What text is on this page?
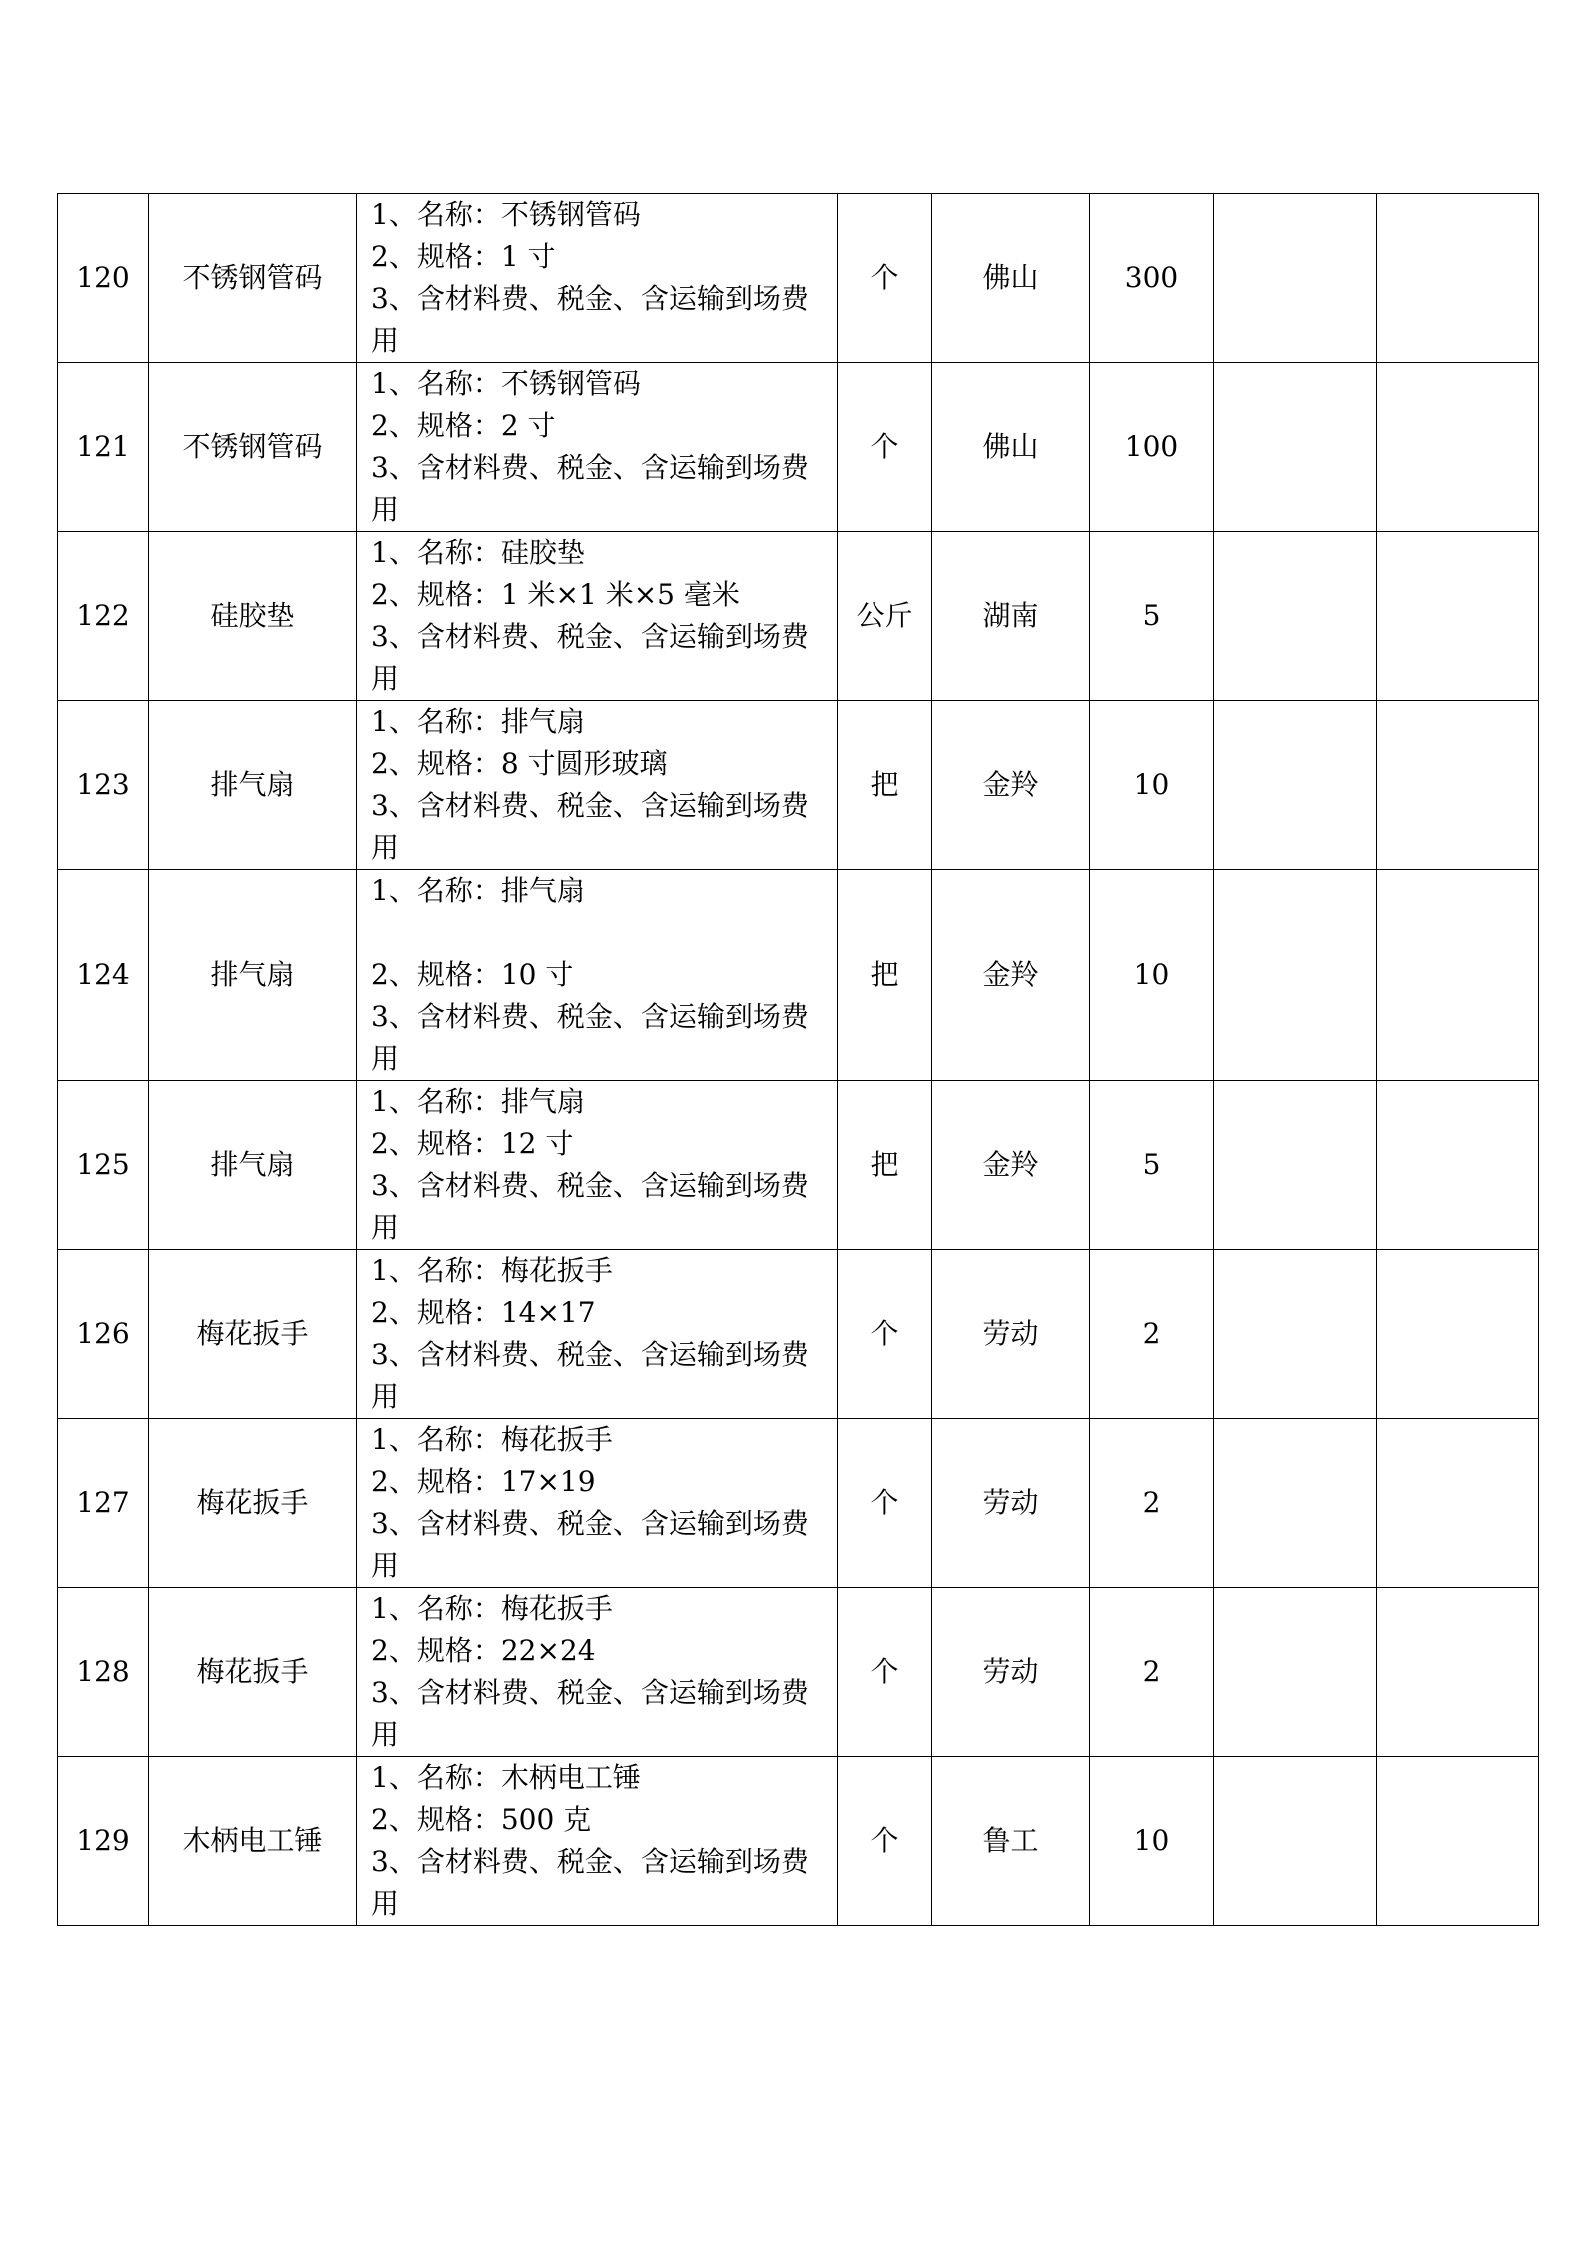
120	不锈钢管码	1、名称：不锈钢管码
2、规格：1 寸
3、含材料费、税金、含运输到场费
用	个	佛山	300		
121	不锈钢管码	1、名称：不锈钢管码
2、规格：2 寸
3、含材料费、税金、含运输到场费
用	个	佛山	100		
122	硅胶垫	1、名称：硅胶垫
2、规格：1 米×1 米×5 毫米
3、含材料费、税金、含运输到场费
用	公斤	湖南	5		
123	排气扇	1、名称：排气扇
2、规格：8 寸圆形玻璃
3、含材料费、税金、含运输到场费
用	把	金羚	10		
124	排气扇	1、名称：排气扇
2、规格：10 寸
3、含材料费、税金、含运输到场费
用	把	金羚	10		
125	排气扇	1、名称：排气扇
2、规格：12 寸
3、含材料费、税金、含运输到场费
用	把	金羚	5		
126	梅花扳手	1、名称：梅花扳手
2、规格：14×17
3、含材料费、税金、含运输到场费
用	个	劳动	2		
127	梅花扳手	1、名称：梅花扳手
2、规格：17×19
3、含材料费、税金、含运输到场费
用	个	劳动	2		
128	梅花扳手	1、名称：梅花扳手
2、规格：22×24
3、含材料费、税金、含运输到场费
用	个	劳动	2		
129	木柄电工锤	1、名称：木柄电工锤
2、规格：500 克
3、含材料费、税金、含运输到场费
用	个	鲁工	10		
